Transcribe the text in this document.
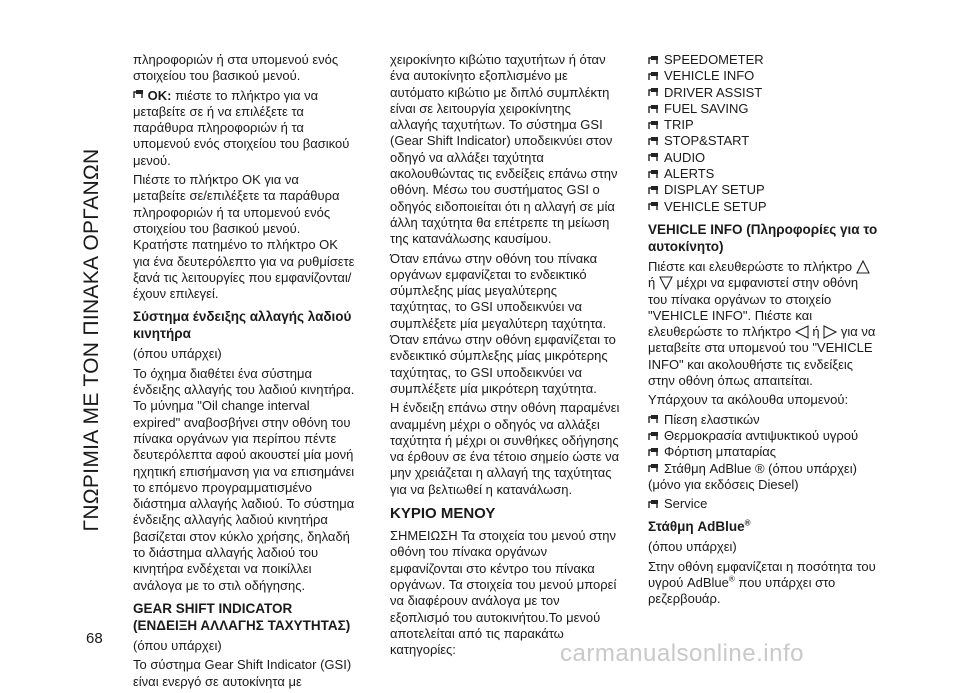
ΓΝΩΡΙΜΙΑ ΜΕ ΤΟΝ ΠΙΝΑΚΑ ΟΡΓΑΝΩΝ
68

πληροφοριών ή στα υπομενού ενός στοιχείου του βασικού μενού.

OK: πιέστε το πλήκτρο για να μεταβείτε σε ή να επιλέξετε τα παράθυρα πληροφοριών ή τα υπομενού ενός στοιχείου του βασικού μενού.

Πιέστε το πλήκτρο OK για να μεταβείτε σε/επιλέξετε τα παράθυρα πληροφοριών ή τα υπομενού ενός στοιχείου του βασικού μενού. Κρατήστε πατημένο το πλήκτρο OK για ένα δευτερόλεπτο για να ρυθμίσετε ξανά τις λειτουργίες που εμφανίζονται/έχουν επιλεγεί.

Σύστημα ένδειξης αλλαγής λαδιού κινητήρα

(όπου υπάρχει)

Το όχημα διαθέτει ένα σύστημα ένδειξης αλλαγής του λαδιού κινητήρα. Το μύνημα "Oil change interval expired" αναβοσβήνει στην οθόνη του πίνακα οργάνων για περίπου πέντε δευτερόλεπτα αφού ακουστεί μία μονή ηχητική επισήμανση για να επισημάνει το επόμενο προγραμματισμένο διάστημα αλλαγής λαδιού. Το σύστημα ένδειξης αλλαγής λαδιού κινητήρα βασίζεται στον κύκλο χρήσης, δηλαδή το διάστημα αλλαγής λαδιού του κινητήρα ενδέχεται να ποικίλλει ανάλογα με το στιλ οδήγησης.

GEAR SHIFT INDICATOR (ΕΝΔΕΙΞΗ ΑΛΛΑΓΗΣ ΤΑΧΥΤΗΤΑΣ)

(όπου υπάρχει)

Το σύστημα Gear Shift Indicator (GSI) είναι ενεργό σε αυτοκίνητα με

χειροκίνητο κιβώτιο ταχυτήτων ή όταν ένα αυτοκίνητο εξοπλισμένο με αυτόματο κιβώτιο με διπλό συμπλέκτη είναι σε λειτουργία χειροκίνητης αλλαγής ταχυτήτων. Το σύστημα GSI (Gear Shift Indicator) υποδεικνύει στον οδηγό να αλλάξει ταχύτητα ακολουθώντας τις ενδείξεις επάνω στην οθόνη. Μέσω του συστήματος GSI ο οδηγός ειδοποιείται ότι η αλλαγή σε μία άλλη ταχύτητα θα επέτρεπε τη μείωση της κατανάλωσης καυσίμου.

Όταν επάνω στην οθόνη του πίνακα οργάνων εμφανίζεται το ενδεικτικό σύμπλεξης μίας μεγαλύτερης ταχύτητας, το GSI υποδεικνύει να συμπλέξετε μία μεγαλύτερη ταχύτητα. Όταν επάνω στην οθόνη εμφανίζεται το ενδεικτικό σύμπλεξης μίας μικρότερης ταχύτητας, το GSI υποδεικνύει να συμπλέξετε μία μικρότερη ταχύτητα.

Η ένδειξη επάνω στην οθόνη παραμένει αναμμένη μέχρι ο οδηγός να αλλάξει ταχύτητα ή μέχρι οι συνθήκες οδήγησης να έρθουν σε ένα τέτοιο σημείο ώστε να μην χρειάζεται η αλλαγή της ταχύτητας για να βελτιωθεί η κατανάλωση.

ΚΥΡΙΟ ΜΕΝΟΥ

ΣΗΜΕΙΩΣΗ Τα στοιχεία του μενού στην οθόνη του πίνακα οργάνων εμφανίζονται στο κέντρο του πίνακα οργάνων. Τα στοιχεία του μενού μπορεί να διαφέρουν ανάλογα με τον εξοπλισμό του αυτοκινήτου.Το μενού αποτελείται από τις παρακάτω κατηγορίες:

SPEEDOMETER
VEHICLE INFO
DRIVER ASSIST
FUEL SAVING
TRIP
STOP&START
AUDIO
ALERTS
DISPLAY SETUP
VEHICLE SETUP
VEHICLE INFO (Πληροφορίες για το αυτοκίνητο)

Πιέστε και ελευθερώστε το πλήκτρο  ή μέχρι να εμφανιστεί στην οθόνη του πίνακα οργάνων το στοιχείο "VEHICLE INFO". Πιέστε και ελευθερώστε το πλήκτρο ή για να μεταβείτε στα υπομενού του "VEHICLE INFO" και ακολουθήστε τις ενδείξεις στην οθόνη όπως απαιτείται.

Υπάρχουν τα ακόλουθα υπομενού:

Πίεση ελαστικών
Θερμοκρασία αντιψυκτικού υγρού
Φόρτιση μπαταρίας
Στάθμη AdBlue ® (όπου υπάρχει)

(μόνο για εκδόσεις Diesel)

Service
Στάθμη AdBlue®

(όπου υπάρχει)

Στην οθόνη εμφανίζεται η ποσότητα του υγρού AdBlue® που υπάρχει στο ρεζερβουάρ.

carmanualsonline.info
